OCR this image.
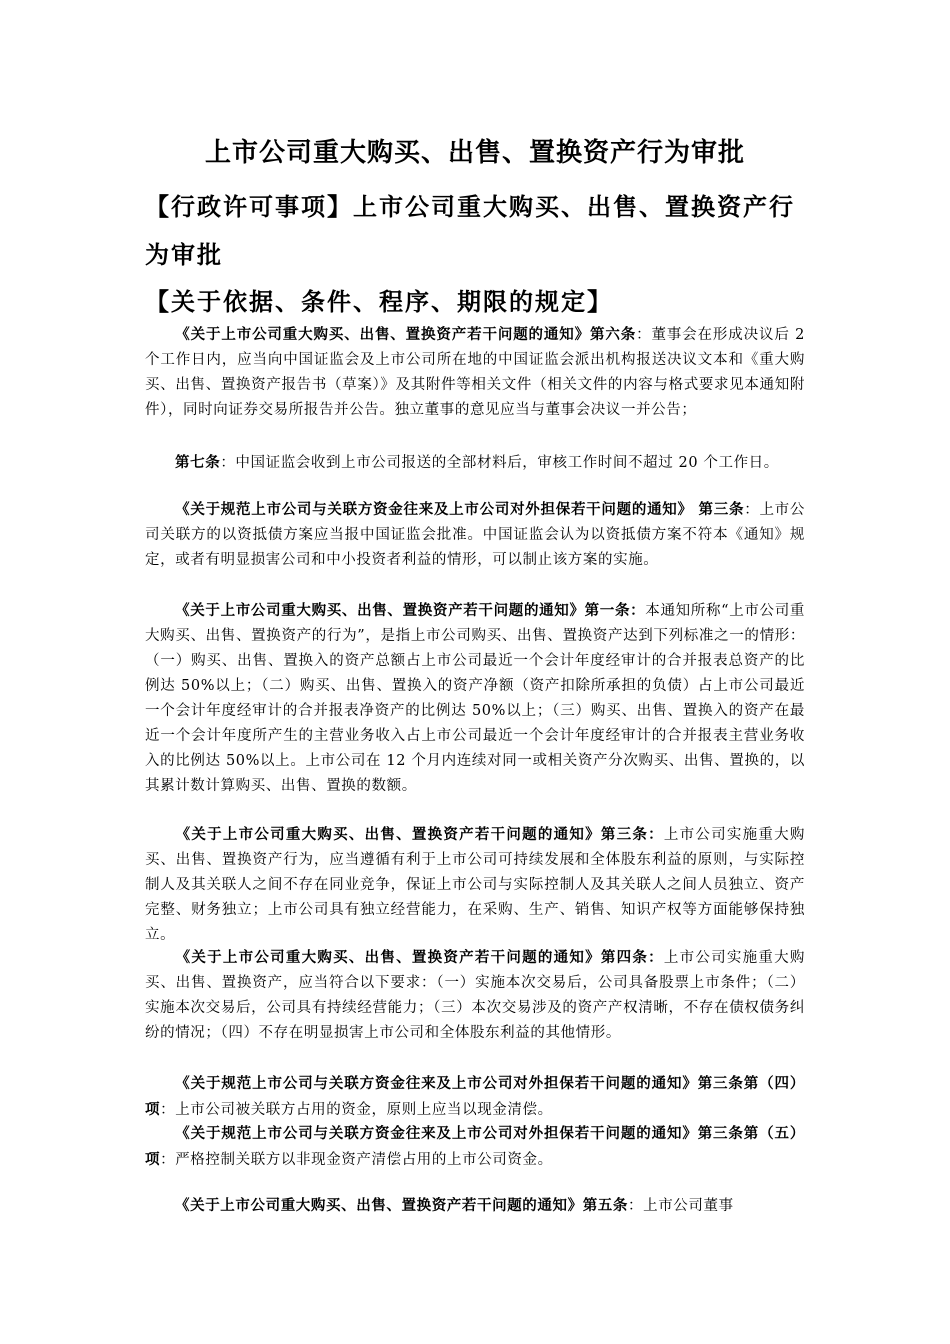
上市公司重大购买、出售、置换资产行为审批
【行政许可事项】上市公司重大购买、出售、置换资产行为审批
【关于依据、条件、程序、期限的规定】
《关于上市公司重大购买、出售、置换资产若干问题的通知》第六条：董事会在形成决议后 2 个工作日内，应当向中国证监会及上市公司所在地的中国证监会派出机构报送决议文本和《重大购买、出售、置换资产报告书（草案）》及其附件等相关文件（相关文件的内容与格式要求见本通知附件），同时向证券交易所报告并公告。独立董事的意见应当与董事会决议一并公告；
第七条：中国证监会收到上市公司报送的全部材料后，审核工作时间不超过 20 个工作日。
《关于规范上市公司与关联方资金往来及上市公司对外担保若干问题的通知》 第三条：上市公司关联方的以资抵债方案应当报中国证监会批准。中国证监会认为以资抵债方案不符本《通知》规定，或者有明显损害公司和中小投资者利益的情形，可以制止该方案的实施。
《关于上市公司重大购买、出售、置换资产若干问题的通知》第一条：本通知所称“上市公司重大购买、出售、置换资产的行为”，是指上市公司购买、出售、置换资产达到下列标准之一的情形：（一）购买、出售、置换入的资产总额占上市公司最近一个会计年度经审计的合并报表总资产的比例达 50%以上；（二）购买、出售、置换入的资产净额（资产扣除所承担的负债）占上市公司最近一个会计年度经审计的合并报表净资产的比例达 50%以上；（三）购买、出售、置换入的资产在最近一个会计年度所产生的主营业务收入占上市公司最近一个会计年度经审计的合并报表主营业务收入的比例达 50%以上。上市公司在 12 个月内连续对同一或相关资产分次购买、出售、置换的，以其累计数计算购买、出售、置换的数额。
《关于上市公司重大购买、出售、置换资产若干问题的通知》第三条：上市公司实施重大购买、出售、置换资产行为，应当遵循有利于上市公司可持续发展和全体股东利益的原则，与实际控制人及其关联人之间不存在同业竞争，保证上市公司与实际控制人及其关联人之间人员独立、资产完整、财务独立；上市公司具有独立经营能力，在采购、生产、销售、知识产权等方面能够保持独立。
《关于上市公司重大购买、出售、置换资产若干问题的通知》第四条：上市公司实施重大购买、出售、置换资产，应当符合以下要求：（一）实施本次交易后，公司具备股票上市条件；（二）实施本次交易后，公司具有持续经营能力；（三）本次交易涉及的资产产权清晰，不存在债权债务纠纷的情况；（四）不存在明显损害上市公司和全体股东利益的其他情形。
《关于规范上市公司与关联方资金往来及上市公司对外担保若干问题的通知》第三条第（四）项：上市公司被关联方占用的资金，原则上应当以现金清偿。
《关于规范上市公司与关联方资金往来及上市公司对外担保若干问题的通知》第三条第（五）项：严格控制关联方以非现金资产清偿占用的上市公司资金。
《关于上市公司重大购买、出售、置换资产若干问题的通知》第五条：上市公司董事
